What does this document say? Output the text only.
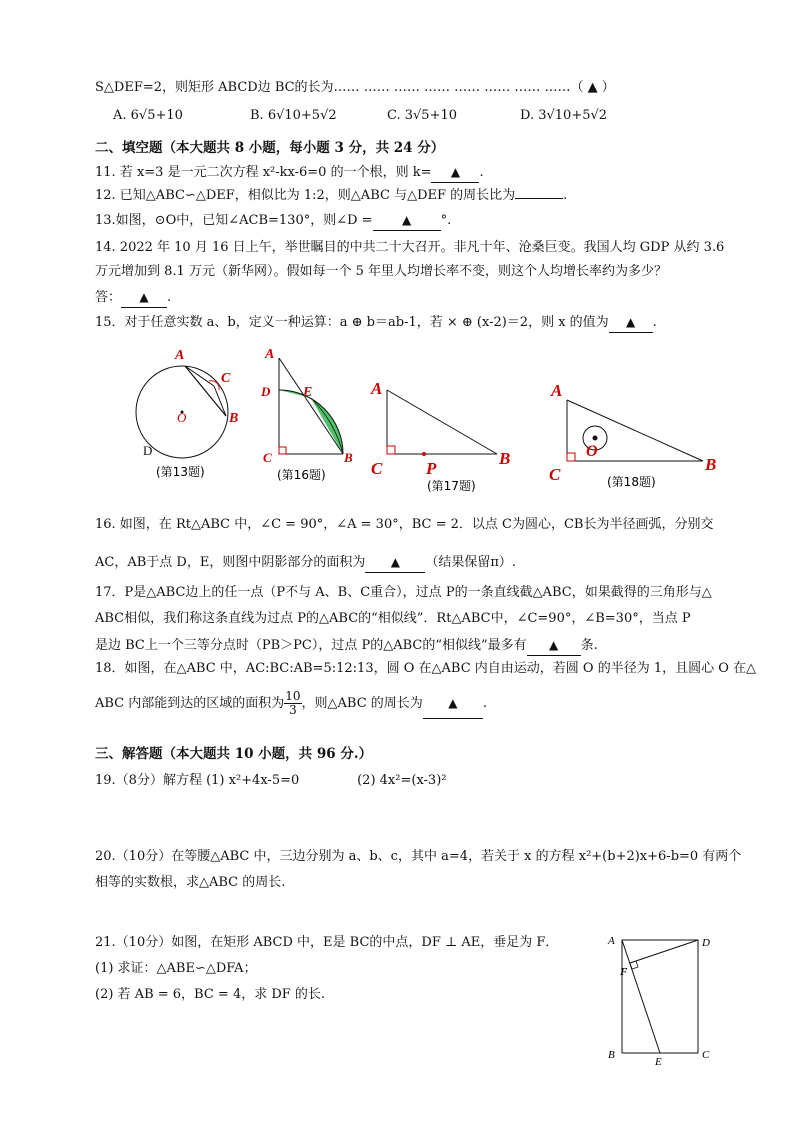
S△DEF=2，则矩形 ABCD边 BC的长为…… …… …… …… …… …… …… ……（ ▲ ）
A. 6√5+10	B. 6√10+5√2	C. 3√5+10	D. 3√10+5√2
二、填空题（本大题共 8 小题，每小题 3 分，共 24 分）
11. 若 x=3 是一元二次方程 x²-kx-6=0 的一个根，则 k= ▲ .
12. 已知△ABC∽△DEF，相似比为 1:2，则△ABC 与△DEF 的周长比为	.
13.如图，⊙O中，已知∠ACB=130°，则∠D = ▲ °.
14. 2022 年 10 月 16 日上午，举世瞩目的中共二十大召开。非凡十年、沧桑巨变。我国人均 GDP 从约 3.6
万元增加到 8.1 万元（新华网）。假如每一个 5 年里人均增长率不变，则这个人均增长率约为多少？
答： ▲ .
15．对于任意实数 a、b，定义一种运算：a ⊕ b＝ab-1，若 × ⊕ (x-2)＝2，则 x 的值为 ▲ .
A
C
B
O
D
(第13题)
A
D E
C	B
(第16题)
A
C	P
B
(第17题)
A
C
O
B
(第18题)
16. 如图，在 Rt△ABC 中，∠C = 90°，∠A = 30°，BC = 2．以点 C为圆心，CB长为半径画弧，分别交
AC，AB于点 D，E，则图中阴影部分的面积为 ▲ （结果保留π）.
17．P是△ABC边上的任一点（P不与 A、B、C重合），过点 P的一条直线截△ABC，如果截得的三角形与△
ABC相似，我们称这条直线为过点 P的△ABC的“相似线”．Rt△ABC中，∠C=90°，∠B=30°，当点 P
是边 BC上一个三等分点时（PB＞PC），过点 P的△ABC的“相似线”最多有 ▲ 条.
18．如图，在△ABC 中，AC:BC:AB=5:12:13，圆 O 在△ABC 内自由运动，若圆 O 的半径为 1，且圆心 O 在△
ABC 内部能到达的区域的面积为 $\frac{10}{3}$ ，则△ABC 的周长为 ▲ .
三、解答题（本大题共 10 小题，共 96 分.）
19.（8分）解方程 (1) x²+4x-5=0              (2) 4x²=(x-3)²
20.（10分）在等腰△ABC 中，三边分别为 a、b、c，其中 a=4，若关于 x 的方程 x²+(b+2)x+6-b=0 有两个
相等的实数根，求△ABC 的周长.
21.（10分）如图，在矩形 ABCD 中，E是 BC的中点，DF ⊥ AE，垂足为 F．
(1) 求证：△ABE∽△DFA；
(2) 若 AB = 6，BC = 4，求 DF 的长.
A	D
F
B
E
C
